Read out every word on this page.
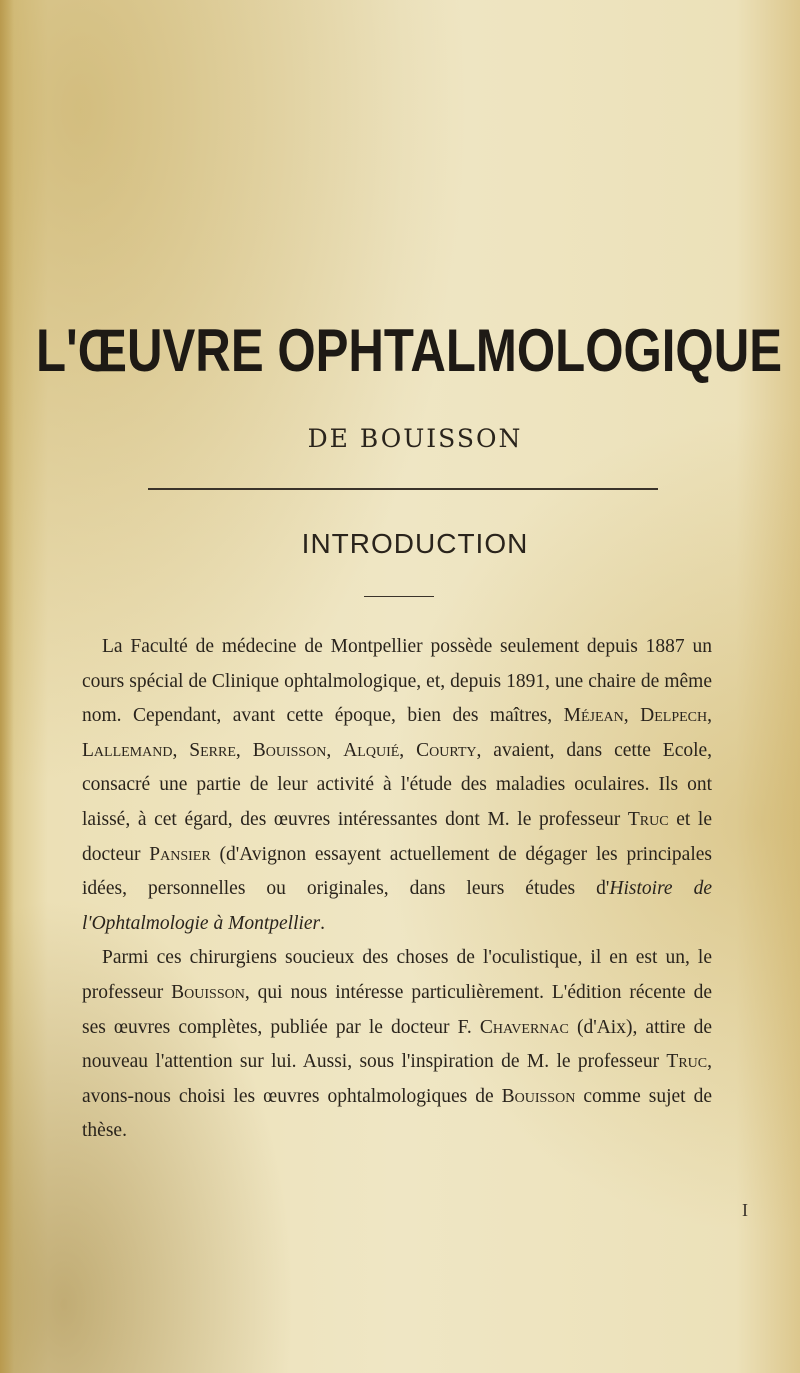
L'ŒUVRE OPHTALMOLOGIQUE
DE BOUISSON
INTRODUCTION

La Faculté de médecine de Montpellier possède seulement depuis 1887 un cours spécial de Clinique ophtalmologique, et, depuis 1891, une chaire de même nom. Cependant, avant cette époque, bien des maîtres, Méjean, Delpech, Lallemand, Serre, Bouisson, Alquié, Courty, avaient, dans cette Ecole, consacré une partie de leur activité à l'étude des maladies oculaires. Ils ont laissé, à cet égard, des œuvres intéressantes dont M. le professeur Truc et le docteur Pansier (d'Avignon essayent actuellement de dégager les principales idées, personnelles ou originales, dans leurs études d'Histoire de l'Ophtalmologie à Montpellier.

Parmi ces chirurgiens soucieux des choses de l'oculistique, il en est un, le professeur Bouisson, qui nous intéresse particulièrement. L'édition récente de ses œuvres complètes, publiée par le docteur F. Chavernac (d'Aix), attire de nouveau l'attention sur lui. Aussi, sous l'inspiration de M. le professeur Truc, avons-nous choisi les œuvres ophtalmologiques de Bouisson comme sujet de thèse.

I
